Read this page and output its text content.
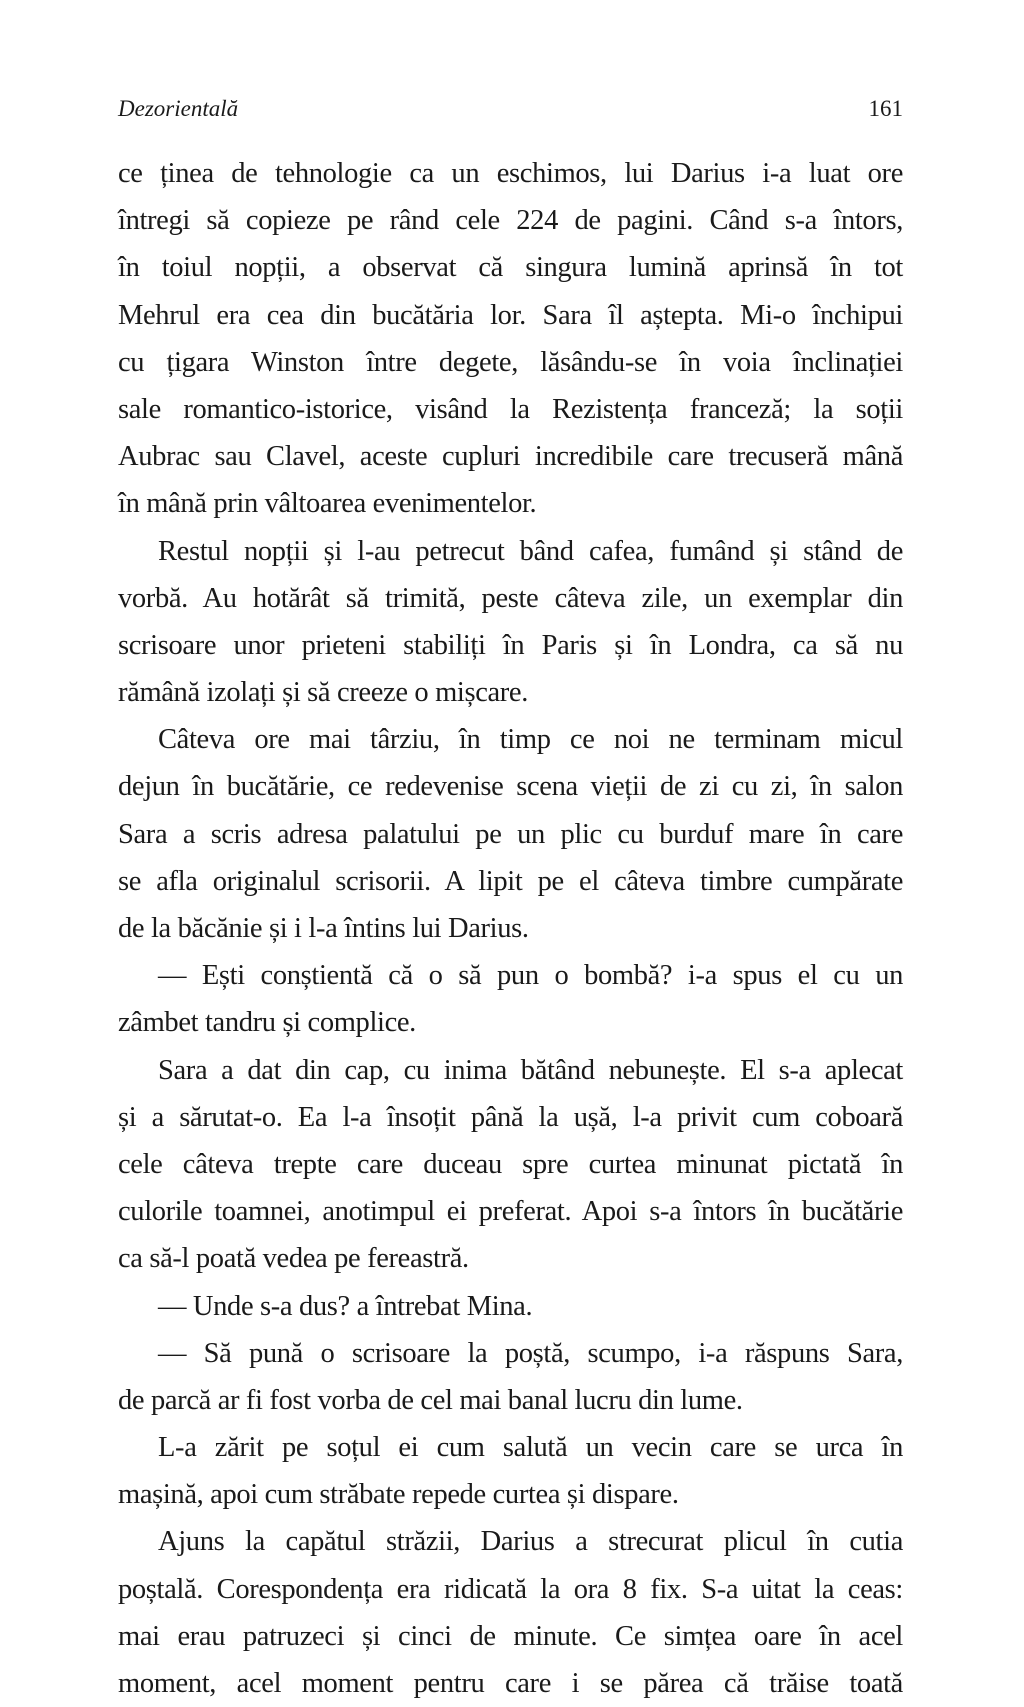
Dezorientală	161
ce ținea de tehnologie ca un eschimos, lui Darius i-a luat ore
întregi să copieze pe rând cele 224 de pagini. Când s-a întors,
în toiul nopții, a observat că singura lumină aprinsă în tot
Mehrul era cea din bucătăria lor. Sara îl aștepta. Mi-o închipui
cu țigara Winston între degete, lăsându-se în voia înclinației
sale romantico-istorice, visând la Rezistența franceză; la soții
Aubrac sau Clavel, aceste cupluri incredibile care trecuseră mână
în mână prin vâltoarea evenimentelor.
Restul nopții și l-au petrecut bând cafea, fumând și stând de
vorbă. Au hotărât să trimită, peste câteva zile, un exemplar din
scrisoare unor prieteni stabiliți în Paris și în Londra, ca să nu
rămână izolați și să creeze o mișcare.
Câteva ore mai târziu, în timp ce noi ne terminam micul
dejun în bucătărie, ce redevenise scena vieții de zi cu zi, în salon
Sara a scris adresa palatului pe un plic cu burduf mare în care
se afla originalul scrisorii. A lipit pe el câteva timbre cumpărate
de la băcănie și i l-a întins lui Darius.
— Ești conștientă că o să pun o bombă? i-a spus el cu un
zâmbet tandru și complice.
Sara a dat din cap, cu inima bătând nebunește. El s-a aplecat
și a sărutat-o. Ea l-a însoțit până la ușă, l-a privit cum coboară
cele câteva trepte care duceau spre curtea minunat pictată în
culorile toamnei, anotimpul ei preferat. Apoi s-a întors în bucătărie
ca să-l poată vedea pe fereastră.
— Unde s-a dus? a întrebat Mina.
— Să pună o scrisoare la poștă, scumpo, i-a răspuns Sara,
de parcă ar fi fost vorba de cel mai banal lucru din lume.
L-a zărit pe soțul ei cum salută un vecin care se urca în
mașină, apoi cum străbate repede curtea și dispare.
Ajuns la capătul străzii, Darius a strecurat plicul în cutia
poștală. Corespondența era ridicată la ora 8 fix. S-a uitat la ceas:
mai erau patruzeci și cinci de minute. Ce simțea oare în acel
moment, acel moment pentru care i se părea că trăise toată
